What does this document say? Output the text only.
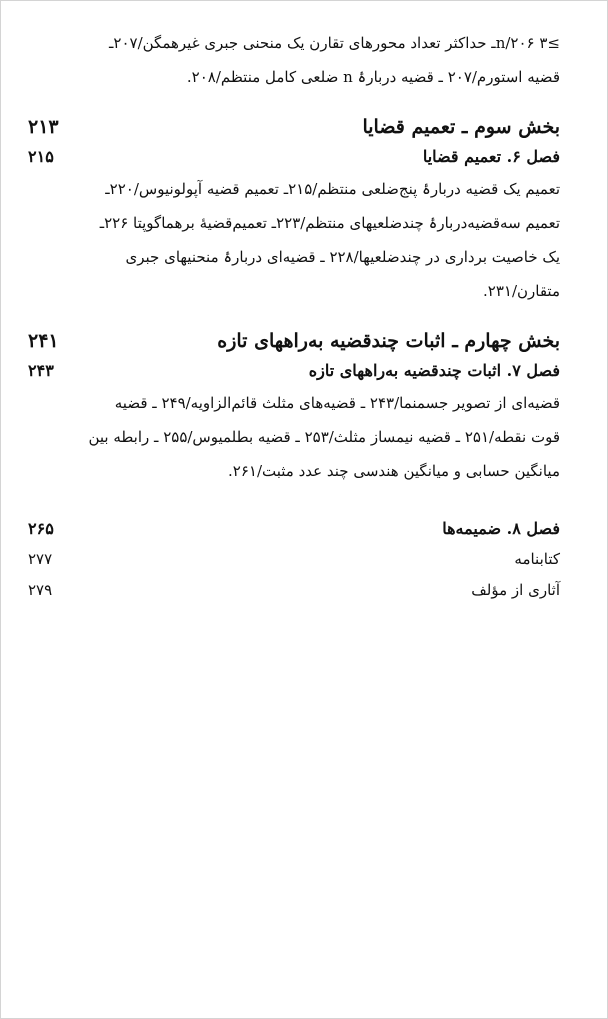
≥۳ n/۲۰۶ـ حداکثر تعداد محورهای تقارن یک منحنی جبری غیرهمگن/۲۰۷ـ

قضیه استورم/۲۰۷ ـ قضیه دربارۂ n ضلعی کامل منتظم/۲۰۸.

بخش سوم ـ تعمیم قضایا
۲۱۳
فصل ۶. تعمیم قضایا
۲۱۵

تعمیم یک قضیه دربارۂ پنج‌ضلعی منتظم/۲۱۵ـ تعمیم قضیه آپولونیوس/۲۲۰ـ

تعمیم سه‌قضیه‌دربارۂ چندضلعیهای منتظم/۲۲۳ـ تعمیم‌قضیۀ برهماگوپتا ۲۲۶ـ

یک خاصیت برداری در چندضلعیها/۲۲۸ ـ قضیه‌ای دربارۂ منحنیهای جبری

متقارن/۲۳۱.

بخش چهارم ـ اثبات چندقضیه به‌راههای تازه
۲۴۱
فصل ۷. اثبات چندقضیه به‌راههای تازه
۲۴۳

قضیه‌ای از تصویر جسمنما/۲۴۳ ـ قضیه‌های مثلث قائم‌الزاویه/۲۴۹ ـ قضیه

قوت نقطه/۲۵۱ ـ قضیه نیمساز مثلث/۲۵۳ ـ قضیه بطلمیوس/۲۵۵ ـ رابطه بین

میانگین حسابی و میانگین هندسی چند عدد مثبت/۲۶۱.

فصل ۸. ضمیمه‌ها
۲۶۵
کتابنامه
۲۷۷
آثاری از مؤلف
۲۷۹
